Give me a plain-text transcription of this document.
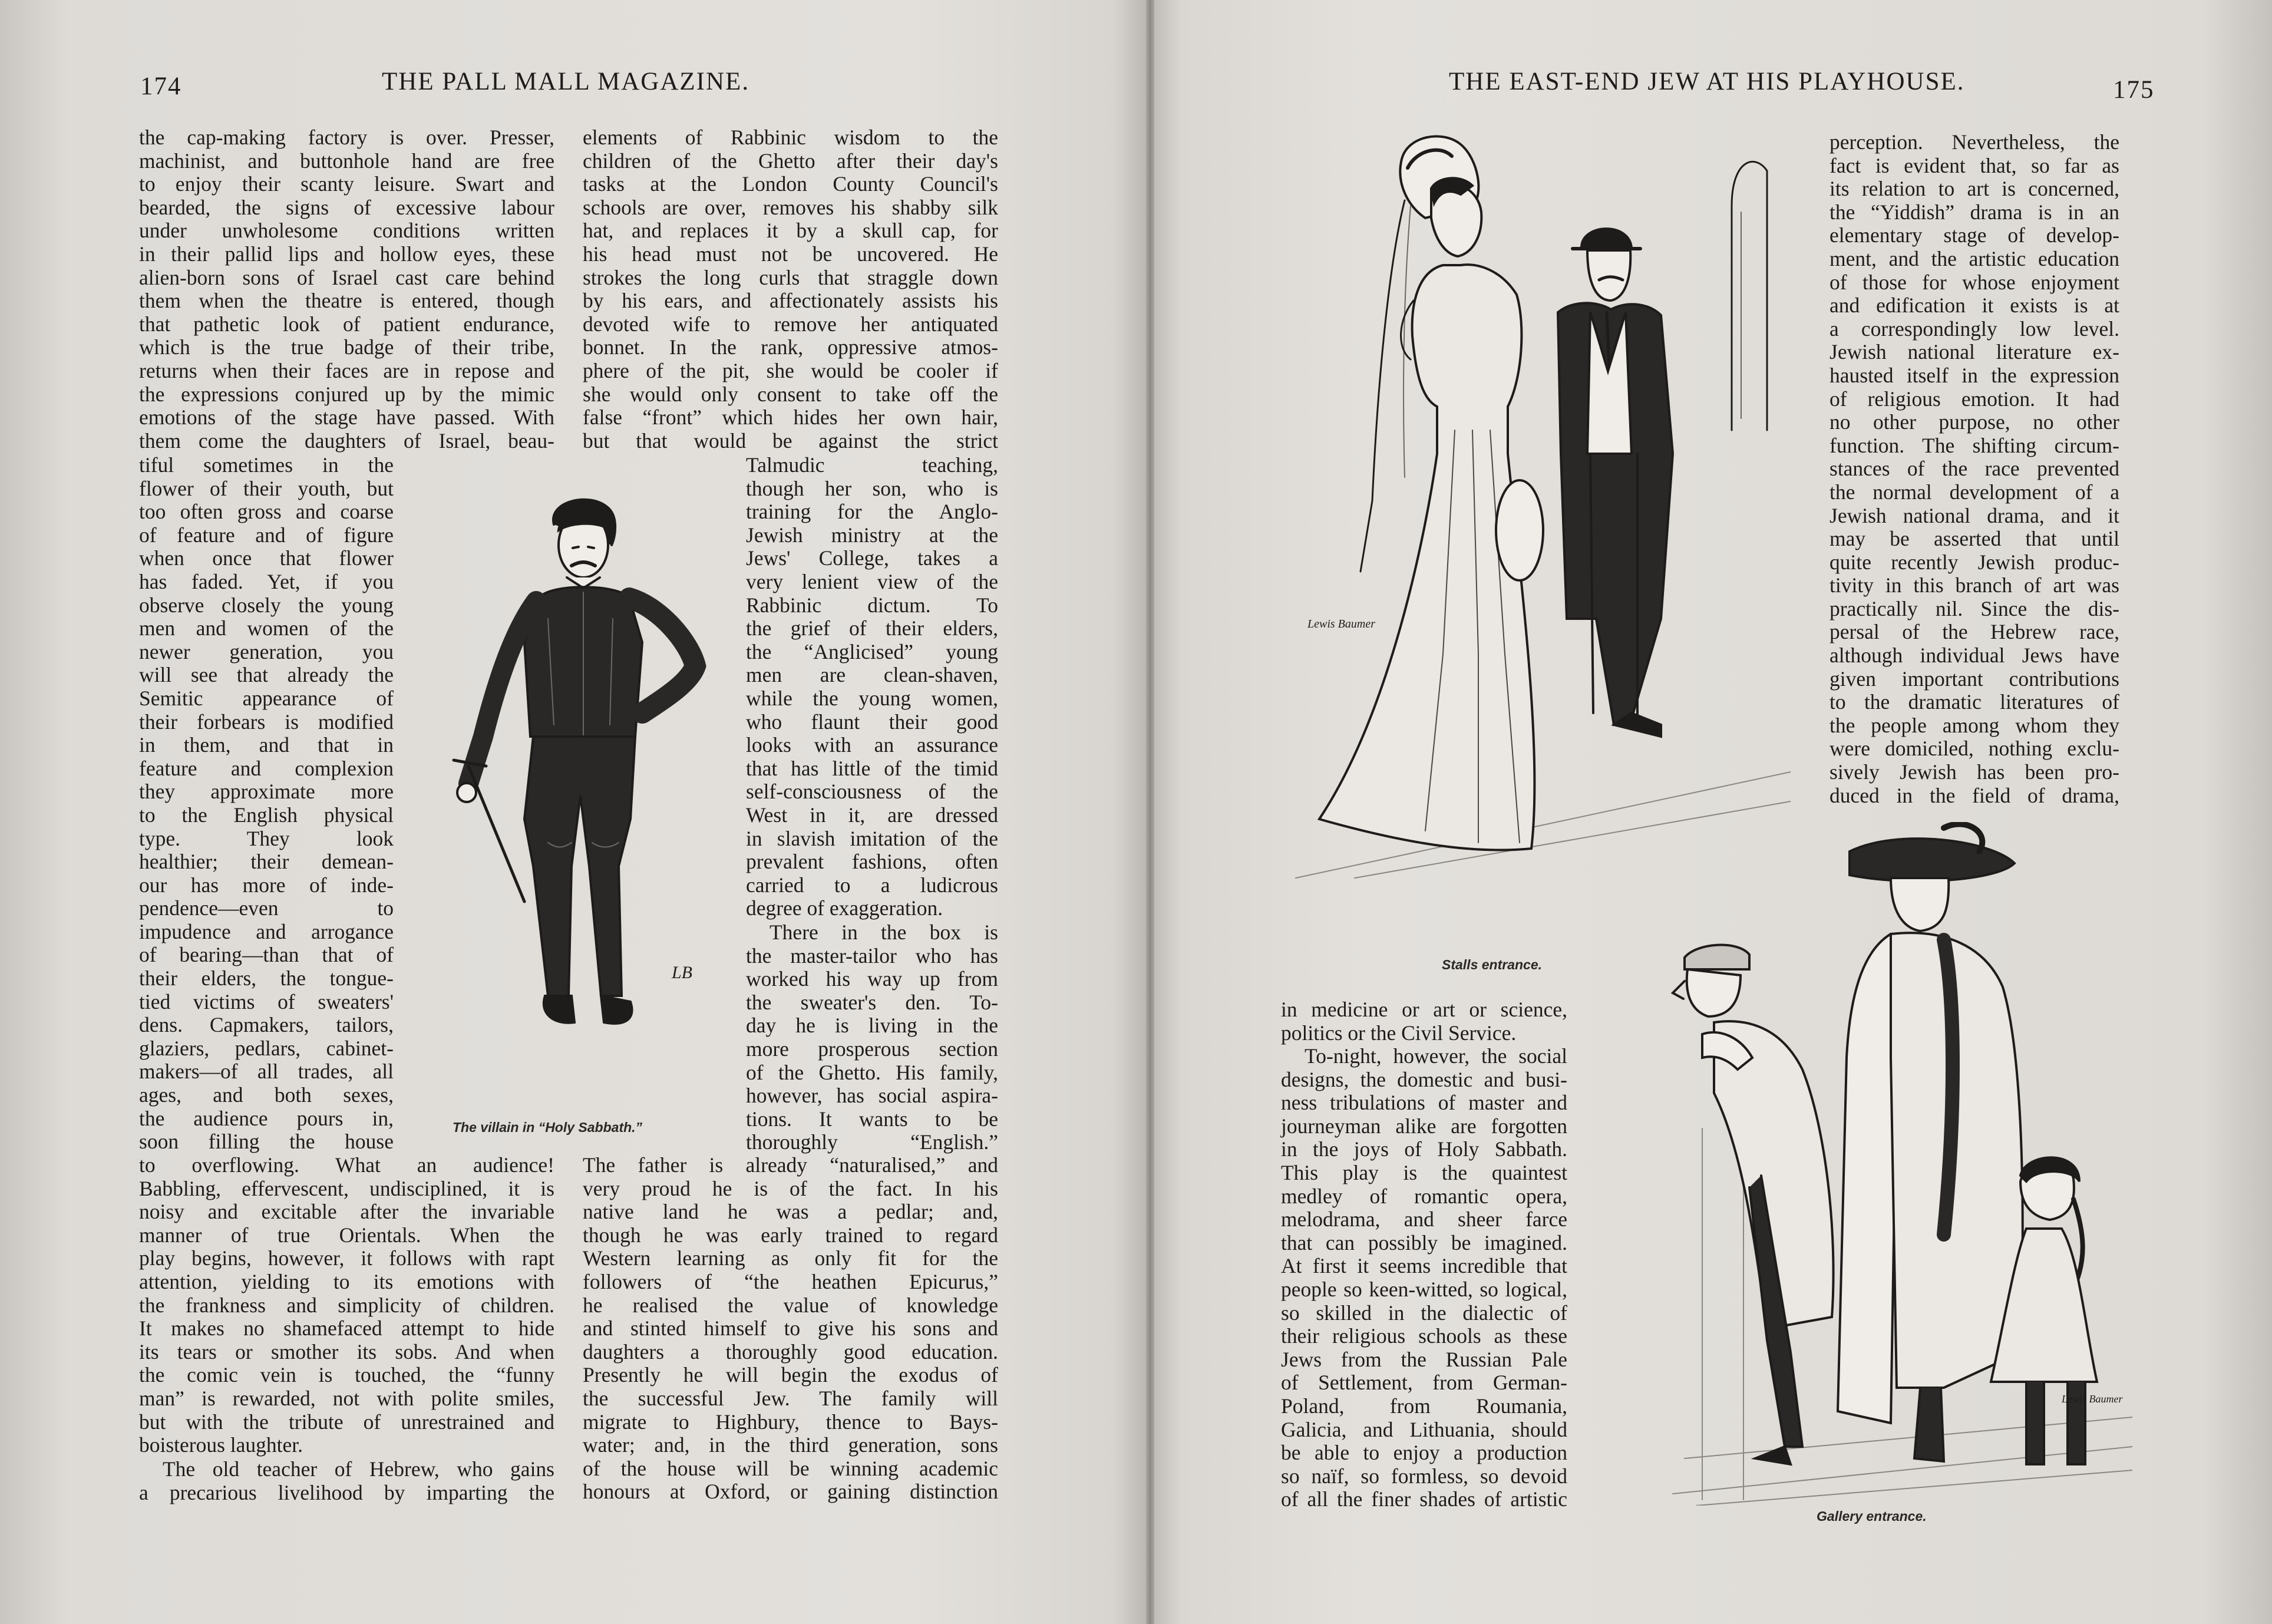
174	THE PALL MALL MAGAZINE.
the cap-making factory is over. Presser,
machinist, and buttonhole hand are free
to enjoy their scanty leisure. Swart and
bearded, the signs of excessive labour
under unwholesome conditions written
in their pallid lips and hollow eyes, these
alien-born sons of Israel cast care behind
them when the theatre is entered, though
that pathetic look of patient endurance,
which is the true badge of their tribe,
returns when their faces are in repose and
the expressions conjured up by the mimic
emotions of the stage have passed. With
them come the daughters of Israel, beau-
tiful sometimes in the
flower of their youth, but
too often gross and coarse
of feature and of figure
when once that flower
has faded. Yet, if you
observe closely the young
men and women of the
newer generation, you
will see that already the
Semitic appearance of
their forbears is modified
in them, and that in
feature and complexion
they approximate more
to the English physical
type. They look
healthier; their demean-
our has more of inde-
pendence—even to
impudence and arrogance
of bearing—than that of
their elders, the tongue-
tied victims of sweaters'
dens. Capmakers, tailors,
glaziers, pedlars, cabinet-
makers—of all trades, all
ages, and both sexes,
the audience pours in,
soon filling the house
to overflowing. What an audience!
Babbling, effervescent, undisciplined, it is
noisy and excitable after the invariable
manner of true Orientals. When the
play begins, however, it follows with rapt
attention, yielding to its emotions with
the frankness and simplicity of children.
It makes no shamefaced attempt to hide
its tears or smother its sobs. And when
the comic vein is touched, the “funny
man” is rewarded, not with polite smiles,
but with the tribute of unrestrained and
boisterous laughter.
The old teacher of Hebrew, who gains
a precarious livelihood by imparting the
elements of Rabbinic wisdom to the
children of the Ghetto after their day's
tasks at the London County Council's
schools are over, removes his shabby silk
hat, and replaces it by a skull cap, for
his head must not be uncovered. He
strokes the long curls that straggle down
by his ears, and affectionately assists his
devoted wife to remove her antiquated
bonnet. In the rank, oppressive atmos-
phere of the pit, she would be cooler if
she would only consent to take off the
false “front” which hides her own hair,
but that would be against the strict
Talmudic teaching,
though her son, who is
training for the Anglo-
Jewish ministry at the
Jews' College, takes a
very lenient view of the
Rabbinic dictum. To
the grief of their elders,
the “Anglicised” young
men are clean-shaven,
while the young women,
who flaunt their good
looks with an assurance
that has little of the timid
self-consciousness of the
West in it, are dressed
in slavish imitation of the
prevalent fashions, often
carried to a ludicrous
degree of exaggeration.
There in the box is
the master-tailor who has
worked his way up from
the sweater's den. To-
day he is living in the
more prosperous section
of the Ghetto. His family,
however, has social aspira-
tions. It wants to be
thoroughly “English.”
The father is already “naturalised,” and
very proud he is of the fact. In his
native land he was a pedlar; and,
though he was early trained to regard
Western learning as only fit for the
followers of “the heathen Epicurus,”
he realised the value of knowledge
and stinted himself to give his sons and
daughters a thoroughly good education.
Presently he will begin the exodus of
the successful Jew. The family will
migrate to Highbury, thence to Bays-
water; and, in the third generation, sons
of the house will be winning academic
honours at Oxford, or gaining distinction
LB
The villain in “Holy Sabbath.”
THE EAST-END JEW AT HIS PLAYHOUSE.	175
Lewis Baumer
Stalls entrance.
perception. Nevertheless, the
fact is evident that, so far as
its relation to art is concerned,
the “Yiddish” drama is in an
elementary stage of develop-
ment, and the artistic education
of those for whose enjoyment
and edification it exists is at
a correspondingly low level.
Jewish national literature ex-
hausted itself in the expression
of religious emotion. It had
no other purpose, no other
function. The shifting circum-
stances of the race prevented
the normal development of a
Jewish national drama, and it
may be asserted that until
quite recently Jewish produc-
tivity in this branch of art was
practically nil. Since the dis-
persal of the Hebrew race,
although individual Jews have
given important contributions
to the dramatic literatures of
the people among whom they
were domiciled, nothing exclu-
sively Jewish has been pro-
duced in the field of drama,
in medicine or art or science,
politics or the Civil Service.
To-night, however, the social
designs, the domestic and busi-
ness tribulations of master and
journeyman alike are forgotten
in the joys of Holy Sabbath.
This play is the quaintest
medley of romantic opera,
melodrama, and sheer farce
that can possibly be imagined.
At first it seems incredible that
people so keen-witted, so logical,
so skilled in the dialectic of
their religious schools as these
Jews from the Russian Pale
of Settlement, from German-
Poland, from Roumania,
Galicia, and Lithuania, should
be able to enjoy a production
so naïf, so formless, so devoid
of all the finer shades of artistic
Lewis Baumer
Gallery entrance.
